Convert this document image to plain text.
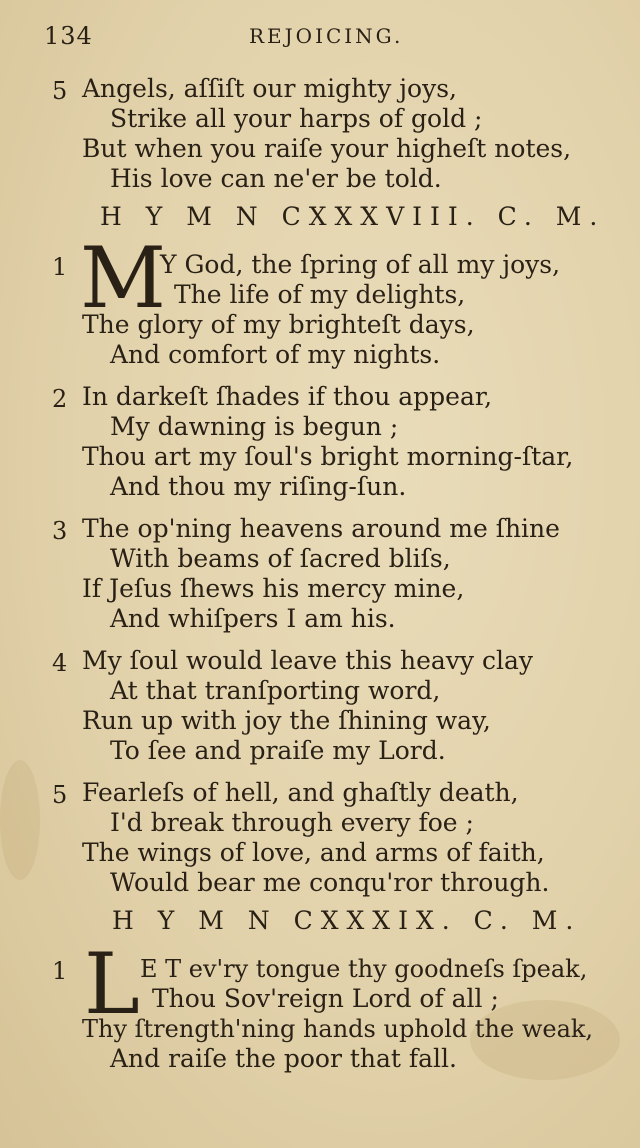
134	REJOICING.
5 Angels, aſſiſt our mighty joys,
Strike all your harps of gold ;
But when you raiſe your higheſt notes,
His love can ne'er be told.
H Y M N CXXXVIII. C. M.
1 M
Y God, the ſpring of all my joys,
The life of my delights,
The glory of my brighteſt days,
And comfort of my nights.
2 In darkeſt ſhades if thou appear,
My dawning is begun ;
Thou art my ſoul's bright morning-ſtar,
And thou my riſing-ſun.
3 The op'ning heavens around me ſhine
With beams of ſacred bliſs,
If Jeſus ſhews his mercy mine,
And whiſpers I am his.
4 My ſoul would leave this heavy clay
At that tranſporting word,
Run up with joy the ſhining way,
To ſee and praiſe my Lord.
5 Fearleſs of hell, and ghaſtly death,
I'd break through every foe ;
The wings of love, and arms of faith,
Would bear me conqu'ror through.
H Y M N CXXXIX. C. M.
1 L E T ev'ry tongue thy goodneſs ſpeak,
Thou Sov'reign Lord of all ;
Thy ſtrength'ning hands uphold the weak,
And raiſe the poor that fall.
